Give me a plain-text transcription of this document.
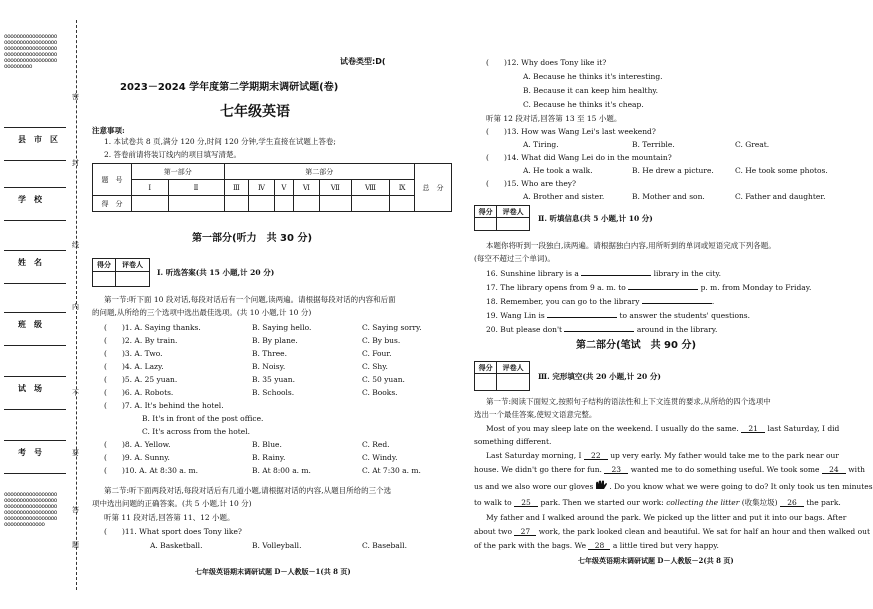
oooooooooooooooooooooooooooooooooooooooooooooooooooooooooooooooooooooooooooooooooooooooooooooo
县市区
学校
姓名
班级
试场
考号
oooooooooooooooooooooooooooooooooooooooooooooooooooooooooooooooooooooooooooooooooooooooooooooooooo
密
封
线
内
不
要
答
题
试卷类型:D(
2023－2024 学年度第二学期期末调研试题(卷)
七年级英语
注意事项:
1. 本试卷共 8 页,满分 120 分,时间 120 分钟,学生直接在试题上答卷;
2. 答卷前请将装订线内的项目填写清楚。
题　号	第一部分		第二部分							总　分
	Ⅰ	Ⅱ	Ⅲ	Ⅳ	Ⅴ	Ⅵ	Ⅶ	Ⅷ	Ⅸ	
得　分										
第一部分(听力　共 30 分)
得分	评卷人

Ⅰ. 听选答案(共 15 小题,计 20 分)
第一节:听下面 10 段对话,每段对话后有一个问题,读两遍。请根据每段对话的内容和后面
的问题,从所给的三个选项中选出最佳选项。(共 10 小题,计 10 分)
(　　)1. A. Saying thanks.	B. Saying hello.	C. Saying sorry.
(　　)2. A. By train.	B. By plane.	C. By bus.
(　　)3. A. Two.	B. Three.	C. Four.
(　　)4. A. Lazy.	B. Noisy.	C. Shy.
(　　)5. A. 25 yuan.	B. 35 yuan.	C. 50 yuan.
(　　)6. A. Robots.	B. Schools.	C. Books.
(　　)7. A. It's behind the hotel.
B. It's in front of the post office.
C. It's across from the hotel.
(　　)8. A. Yellow.	B. Blue.	C. Red.
(　　)9. A. Sunny.	B. Rainy.	C. Windy.
(　　)10. A. At 8:30 a. m.	B. At 8:00 a. m.	C. At 7:30 a. m.
第二节:听下面两段对话,每段对话后有几道小题,请根据对话的内容,从题目所给的三个选
项中选出问题的正确答案。(共 5 小题,计 10 分)
听第 11 段对话,回答第 11、12 小题。
(　　)11. What sport does Tony like?
A. Basketball.	B. Volleyball.	C. Baseball.
七年级英语期末调研试题 D－人教版－1(共 8 页)
(　　)12. Why does Tony like it?
A. Because he thinks it's interesting.
B. Because it can keep him healthy.
C. Because he thinks it's cheap.
听第 12 段对话,回答第 13 至 15 小题。
(　　)13. How was Wang Lei's last weekend?
A. Tiring.	B. Terrible.	C. Great.
(　　)14. What did Wang Lei do in the mountain?
A. He took a walk.	B. He drew a picture.	C. He took some photos.
(　　)15. Who are they?
A. Brother and sister.	B. Mother and son.	C. Father and daughter.
得分	评卷人

Ⅱ. 听填信息(共 5 小题,计 10 分)
本题你将听到一段独白,读两遍。请根据独白内容,用所听到的单词或短语完成下列各题。
(每空不超过三个单词)。
16. Sunshine library is a	library in the city.
17. The library opens from 9 a. m. to	p. m. from Monday to Friday.
18. Remember, you can go to the library	.
19. Wang Lin is	to answer the students' questions.
20. But please don't	around in the library.
第二部分(笔试　共 90 分)
得分	评卷人

Ⅲ. 完形填空(共 20 小题,计 20 分)
第一节:阅读下面短文,按照句子结构的语法性和上下文连贯的要求,从所给的四个选项中
选出一个最佳答案,使短文语意完整。
Most of you may sleep late on the weekend. I usually do the same. 21 last Saturday, I did
something different.
Last Saturday morning, I 22 up very early. My father would take me to the park near our
house. We didn't go there for fun. 23 wanted me to do something useful. We took some 24 with
us and we also wore our gloves . Do you know what we were going to do? It only took us ten minutes
to walk to 25 park. Then we started our work: collecting the litter (收集垃圾) 26 the park.
My father and I walked around the park. We picked up the litter and put it into our bags. After
about two 27 work, the park looked clean and beautiful. We sat for half an hour and then walked out
of the park with the bags. We 28 a little tired but very happy.
七年级英语期末调研试题 D－人教版－2(共 8 页)
